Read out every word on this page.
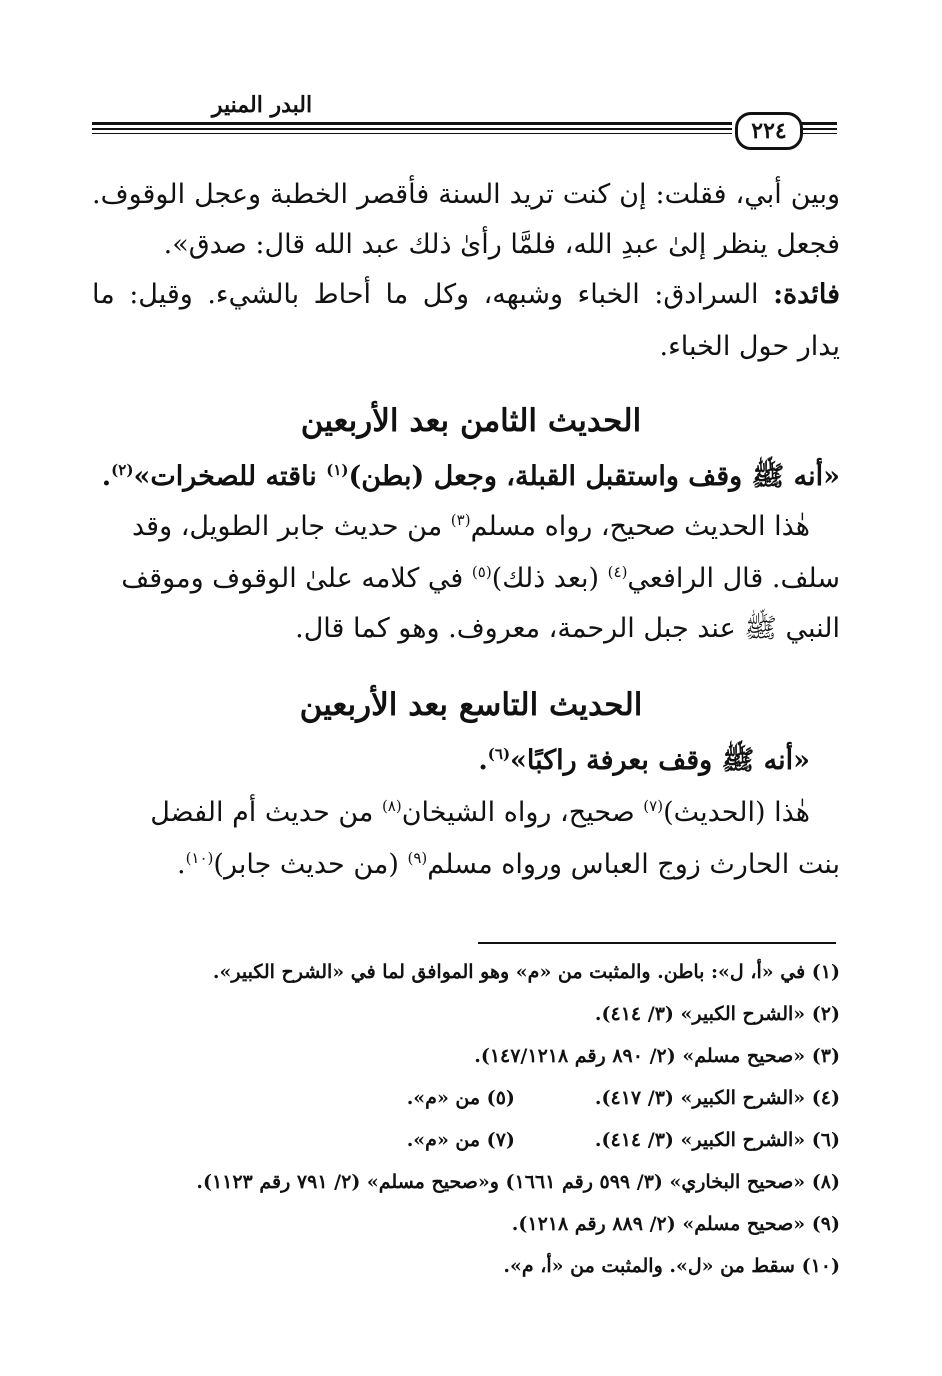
البدر المنير
٢٢٤
وبين أبي، فقلت: إن كنت تريد السنة فأقصر الخطبة وعجل الوقوف.
فجعل ينظر إلىٰ عبدِ الله، فلمَّا رأىٰ ذلك عبد الله قال: صدق».
فائدة: السرادق: الخباء وشبهه، وكل ما أحاط بالشيء. وقيل: ما
يدار حول الخباء.
الحديث الثامن بعد الأربعين
«أنه ﷺ وقف واستقبل القبلة، وجعل (بطن)$^{(١)}$ ناقته للصخرات»$^{(٢)}$.
هٰذا الحديث صحيح، رواه مسلم$^{(٣)}$ من حديث جابر الطويل، وقد
سلف. قال الرافعي$^{(٤)}$ (بعد ذلك)$^{(٥)}$ في كلامه علىٰ الوقوف وموقف
النبي ﷺ عند جبل الرحمة، معروف. وهو كما قال.
الحديث التاسع بعد الأربعين
«أنه ﷺ وقف بعرفة راكبًا»$^{(٦)}$.
هٰذا (الحديث)$^{(٧)}$ صحيح، رواه الشيخان$^{(٨)}$ من حديث أم الفضل
بنت الحارث زوج العباس ورواه مسلم$^{(٩)}$ (من حديث جابر)$^{(١٠)}$.
(١) في «أ، ل»: باطن. والمثبت من «م» وهو الموافق لما في «الشرح الكبير».
(٢) «الشرح الكبير» (٣/ ٤١٤).
(٣) «صحيح مسلم» (٢/ ٨٩٠ رقم ١٤٧/١٢١٨).
(٤) «الشرح الكبير» (٣/ ٤١٧).(٥) من «م».
(٦) «الشرح الكبير» (٣/ ٤١٤).(٧) من «م».
(٨) «صحيح البخاري» (٣/ ٥٩٩ رقم ١٦٦١) و«صحيح مسلم» (٢/ ٧٩١ رقم ١١٢٣).
(٩) «صحيح مسلم» (٢/ ٨٨٩ رقم ١٢١٨).
(١٠) سقط من «ل». والمثبت من «أ، م».
